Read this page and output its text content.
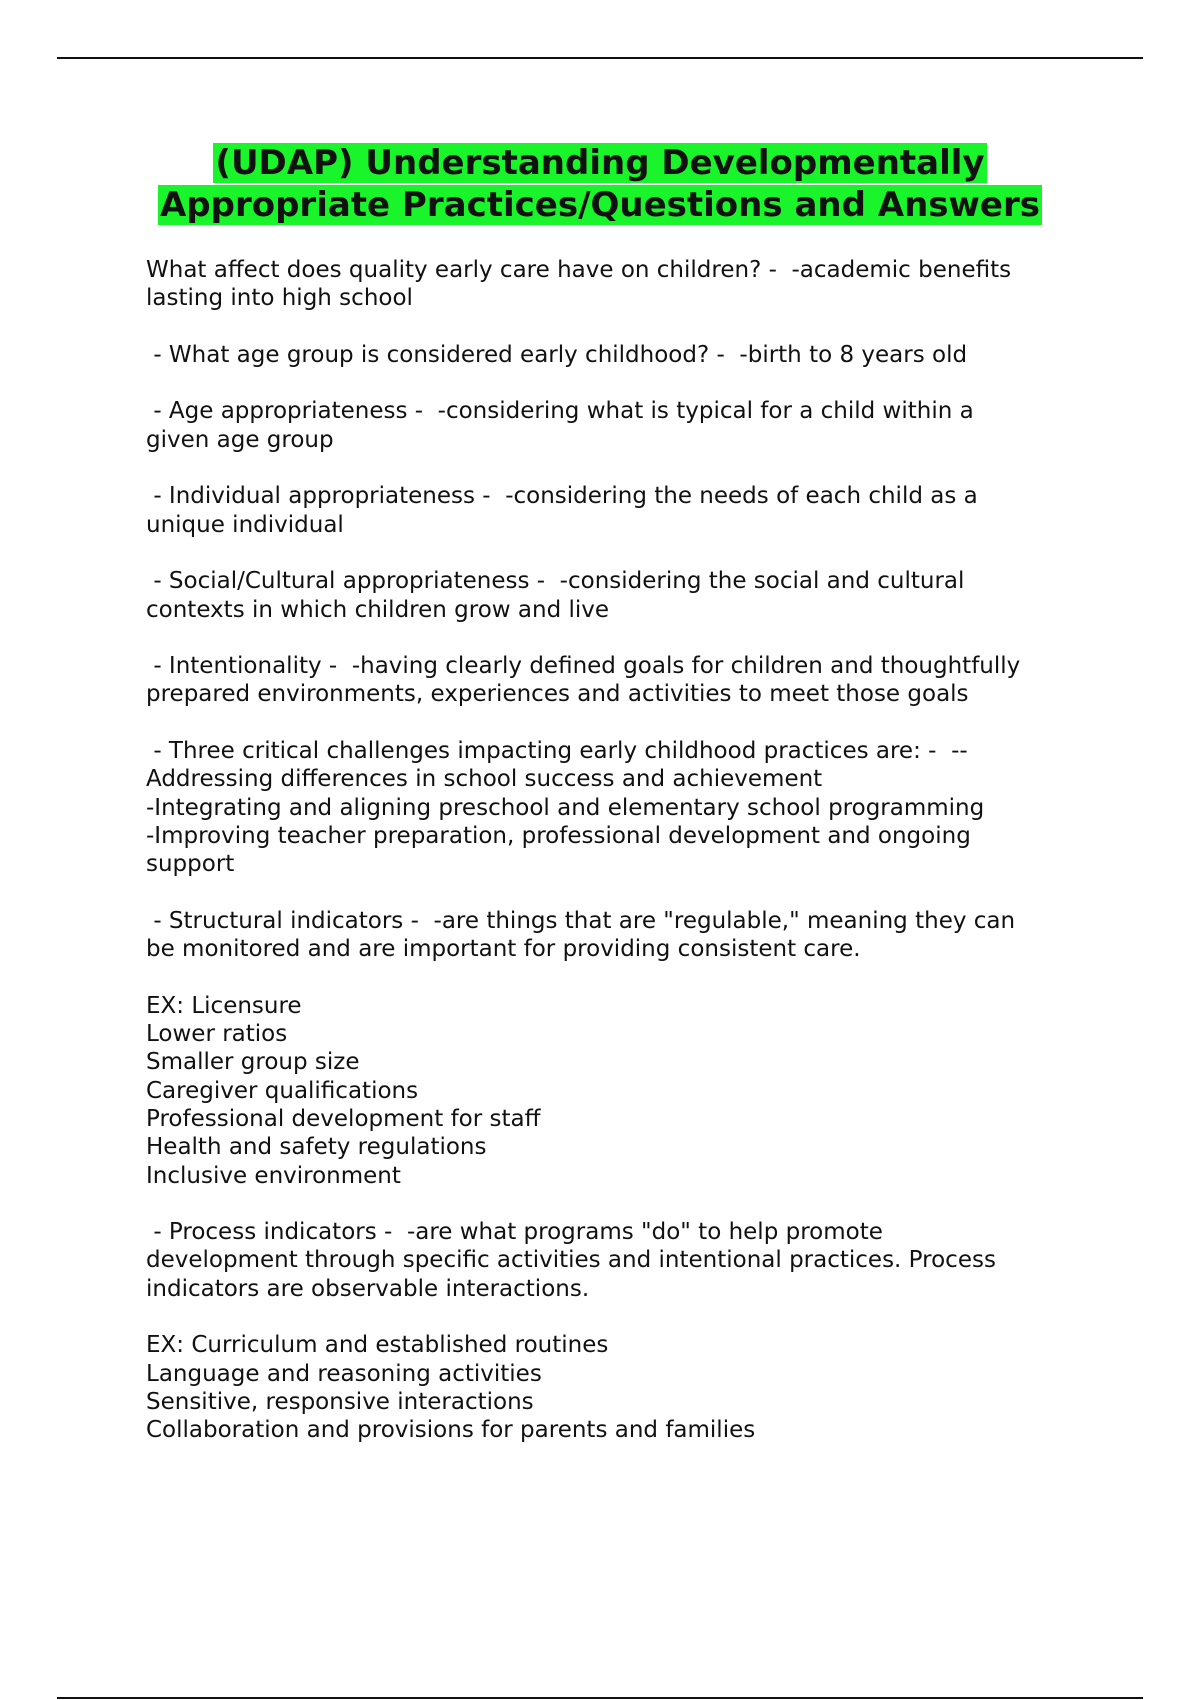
(UDAP) Understanding Developmentally
Appropriate Practices/Questions and Answers

What affect does quality early care have on children? -  -academic benefits
lasting into high school

- What age group is considered early childhood? -  -birth to 8 years old

- Age appropriateness -  -considering what is typical for a child within a
given age group

- Individual appropriateness -  -considering the needs of each child as a
unique individual

- Social/Cultural appropriateness -  -considering the social and cultural
contexts in which children grow and live

- Intentionality -  -having clearly defined goals for children and thoughtfully
prepared environments, experiences and activities to meet those goals

- Three critical challenges impacting early childhood practices are: -  --
Addressing differences in school success and achievement
-Integrating and aligning preschool and elementary school programming
-Improving teacher preparation, professional development and ongoing
support

- Structural indicators -  -are things that are "regulable," meaning they can
be monitored and are important for providing consistent care.

EX: Licensure
Lower ratios
Smaller group size
Caregiver qualifications
Professional development for staff
Health and safety regulations
Inclusive environment

- Process indicators -  -are what programs "do" to help promote
development through specific activities and intentional practices. Process
indicators are observable interactions.

EX: Curriculum and established routines
Language and reasoning activities
Sensitive, responsive interactions
Collaboration and provisions for parents and families
